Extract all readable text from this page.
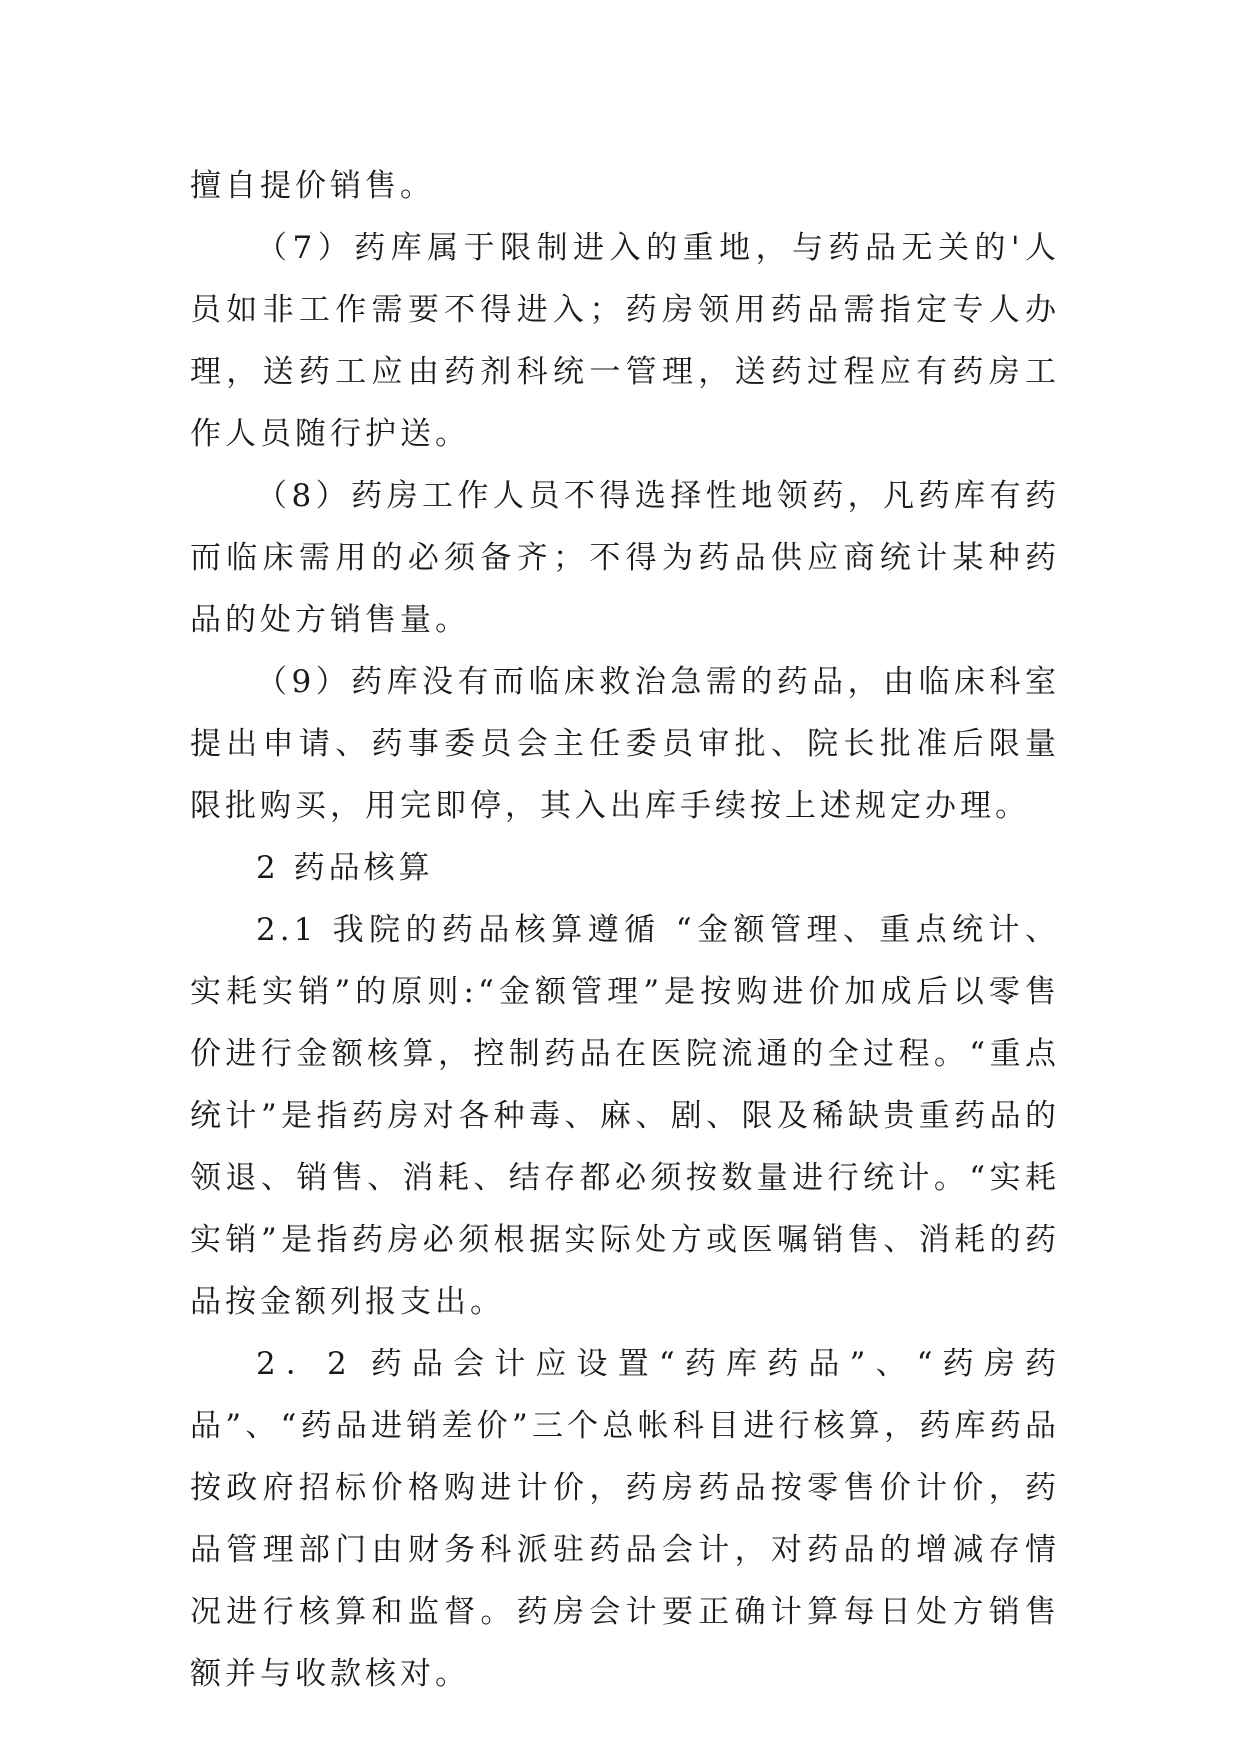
擅自提价销售。

（7）药库属于限制进入的重地，与药品无关的'人员如非工作需要不得进入；药房领用药品需指定专人办理，送药工应由药剂科统一管理，送药过程应有药房工作人员随行护送。

（8）药房工作人员不得选择性地领药，凡药库有药而临床需用的必须备齐；不得为药品供应商统计某种药品的处方销售量。

（9）药库没有而临床救治急需的药品，由临床科室提出申请、药事委员会主任委员审批、院长批准后限量限批购买，用完即停，其入出库手续按上述规定办理。

2 药品核算

2.1 我院的药品核算遵循 “金额管理、重点统计、实耗实销”的原则:“金额管理”是按购进价加成后以零售价进行金额核算，控制药品在医院流通的全过程。“重点统计”是指药房对各种毒、麻、剧、限及稀缺贵重药品的领退、销售、消耗、结存都必须按数量进行统计。“实耗实销”是指药房必须根据实际处方或医嘱销售、消耗的药品按金额列报支出。

2．2 药品会计应设置“药库药品”、“药房药品”、“药品进销差价”三个总帐科目进行核算，药库药品按政府招标价格购进计价，药房药品按零售价计价，药品管理部门由财务科派驻药品会计，对药品的增减存情况进行核算和监督。药房会计要正确计算每日处方销售额并与收款核对。
